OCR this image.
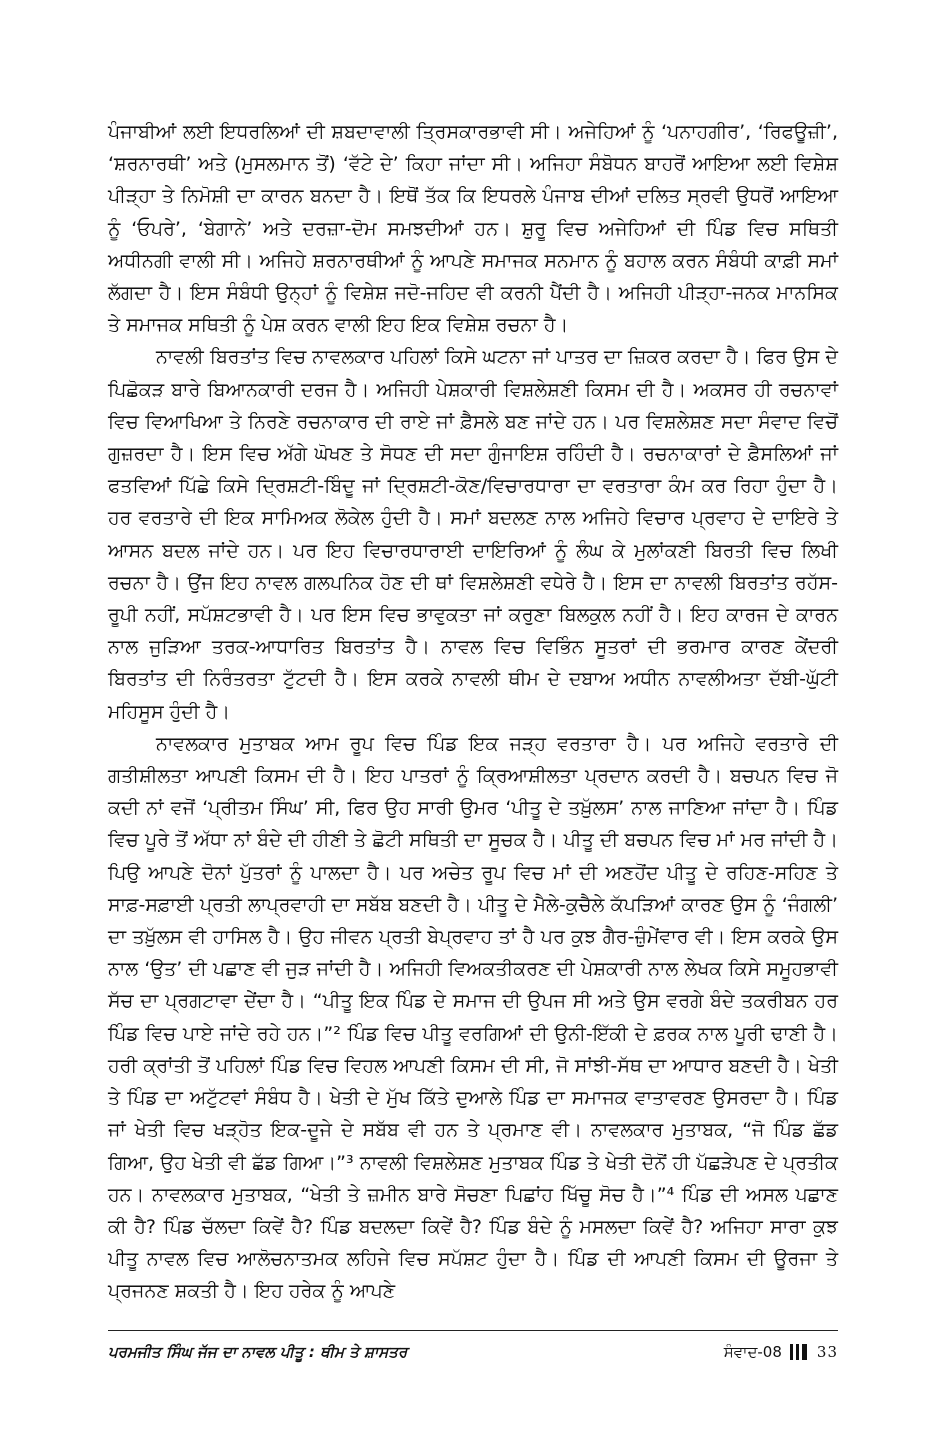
ਪੰਜਾਬੀਆਂ ਲਈ ਇਧਰਲਿਆਂ ਦੀ ਸ਼ਬਦਾਵਾਲੀ ਤ੍ਰਿਸਕਾਰਭਾਵੀ ਸੀ। ਅਜੇਹਿਆਂ ਨੂੰ ‘ਪਨਾਹਗੀਰ’, ‘ਰਿਫਊਜ਼ੀ’, ‘ਸ਼ਰਨਾਰਥੀ’ ਅਤੇ (ਮੁਸਲਮਾਨ ਤੋਂ) ‘ਵੱਟੇ ਦੇ’ ਕਿਹਾ ਜਾਂਦਾ ਸੀ। ਅਜਿਹਾ ਸੰਬੋਧਨ ਬਾਹਰੋਂ ਆਇਆ ਲਈ ਵਿਸ਼ੇਸ਼ ਪੀੜ੍ਹਾ ਤੇ ਨਿਮੋਸ਼ੀ ਦਾ ਕਾਰਨ ਬਨਦਾ ਹੈ। ਇਥੋਂ ਤੱਕ ਕਿ ਇਧਰਲੇ ਪੰਜਾਬ ਦੀਆਂ ਦਲਿਤ ਸ੍ਰਵੀ ਉਧਰੋਂ ਆਇਆ ਨੂੰ ‘ਓਪਰੇ’, ‘ਬੇਗਾਨੇ’ ਅਤੇ ਦਰਜ਼ਾ-ਦੋਮ ਸਮਝਦੀਆਂ ਹਨ। ਸ਼ੁਰੂ ਵਿਚ ਅਜੇਹਿਆਂ ਦੀ ਪਿੰਡ ਵਿਚ ਸਥਿਤੀ ਅਧੀਨਗੀ ਵਾਲੀ ਸੀ। ਅਜਿਹੇ ਸ਼ਰਨਾਰਥੀਆਂ ਨੂੰ ਆਪਣੇ ਸਮਾਜਕ ਸਨਮਾਨ ਨੂੰ ਬਹਾਲ ਕਰਨ ਸੰਬੰਧੀ ਕਾਫ਼ੀ ਸਮਾਂ ਲੱਗਦਾ ਹੈ। ਇਸ ਸੰਬੰਧੀ ਉਨ੍ਹਾਂ ਨੂੰ ਵਿਸ਼ੇਸ਼ ਜਦੋ-ਜਹਿਦ ਵੀ ਕਰਨੀ ਪੈਂਦੀ ਹੈ। ਅਜਿਹੀ ਪੀੜ੍ਹਾ-ਜਨਕ ਮਾਨਸਿਕ ਤੇ ਸਮਾਜਕ ਸਥਿਤੀ ਨੂੰ ਪੇਸ਼ ਕਰਨ ਵਾਲੀ ਇਹ ਇਕ ਵਿਸ਼ੇਸ਼ ਰਚਨਾ ਹੈ।

ਨਾਵਲੀ ਬਿਰਤਾਂਤ ਵਿਚ ਨਾਵਲਕਾਰ ਪਹਿਲਾਂ ਕਿਸੇ ਘਟਨਾ ਜਾਂ ਪਾਤਰ ਦਾ ਜ਼ਿਕਰ ਕਰਦਾ ਹੈ। ਫਿਰ ਉਸ ਦੇ ਪਿਛੋਕੜ ਬਾਰੇ ਬਿਆਨਕਾਰੀ ਦਰਜ ਹੈ। ਅਜਿਹੀ ਪੇਸ਼ਕਾਰੀ ਵਿਸ਼ਲੇਸ਼ਣੀ ਕਿਸਮ ਦੀ ਹੈ। ਅਕਸਰ ਹੀ ਰਚਨਾਵਾਂ ਵਿਚ ਵਿਆਖਿਆ ਤੇ ਨਿਰਣੇ ਰਚਨਾਕਾਰ ਦੀ ਰਾਏ ਜਾਂ ਫ਼ੈਸਲੇ ਬਣ ਜਾਂਦੇ ਹਨ। ਪਰ ਵਿਸ਼ਲੇਸ਼ਣ ਸਦਾ ਸੰਵਾਦ ਵਿਚੋਂ ਗੁਜ਼ਰਦਾ ਹੈ। ਇਸ ਵਿਚ ਅੱਗੇ ਘੋਖਣ ਤੇ ਸੋਧਣ ਦੀ ਸਦਾ ਗੁੰਜਾਇਸ਼ ਰਹਿੰਦੀ ਹੈ। ਰਚਨਾਕਾਰਾਂ ਦੇ ਫ਼ੈਸਲਿਆਂ ਜਾਂ ਫਤਵਿਆਂ ਪਿੱਛੇ ਕਿਸੇ ਦ੍ਰਿਸ਼ਟੀ-ਬਿੰਦੂ ਜਾਂ ਦ੍ਰਿਸ਼ਟੀ-ਕੋਣ/ਵਿਚਾਰਧਾਰਾ ਦਾ ਵਰਤਾਰਾ ਕੰਮ ਕਰ ਰਿਹਾ ਹੁੰਦਾ ਹੈ। ਹਰ ਵਰਤਾਰੇ ਦੀ ਇਕ ਸਾਮਿਅਕ ਲੋਕੇਲ ਹੁੰਦੀ ਹੈ। ਸਮਾਂ ਬਦਲਣ ਨਾਲ ਅਜਿਹੇ ਵਿਚਾਰ ਪ੍ਰਵਾਹ ਦੇ ਦਾਇਰੇ ਤੇ ਆਸਨ ਬਦਲ ਜਾਂਦੇ ਹਨ। ਪਰ ਇਹ ਵਿਚਾਰਧਾਰਾਈ ਦਾਇਰਿਆਂ ਨੂੰ ਲੰਘ ਕੇ ਮੁਲਾਂਕਣੀ ਬਿਰਤੀ ਵਿਚ ਲਿਖੀ ਰਚਨਾ ਹੈ। ਉਂਜ ਇਹ ਨਾਵਲ ਗਲਪਨਿਕ ਹੋਣ ਦੀ ਥਾਂ ਵਿਸ਼ਲੇਸ਼ਣੀ ਵਧੇਰੇ ਹੈ। ਇਸ ਦਾ ਨਾਵਲੀ ਬਿਰਤਾਂਤ ਰਹੱਸ-ਰੂਪੀ ਨਹੀਂ, ਸਪੱਸ਼ਟਭਾਵੀ ਹੈ। ਪਰ ਇਸ ਵਿਚ ਭਾਵੁਕਤਾ ਜਾਂ ਕਰੁਣਾ ਬਿਲਕੁਲ ਨਹੀਂ ਹੈ। ਇਹ ਕਾਰਜ ਦੇ ਕਾਰਨ ਨਾਲ ਜੁੜਿਆ ਤਰਕ-ਆਧਾਰਿਤ ਬਿਰਤਾਂਤ ਹੈ। ਨਾਵਲ ਵਿਚ ਵਿਭਿੰਨ ਸੂਤਰਾਂ ਦੀ ਭਰਮਾਰ ਕਾਰਣ ਕੇਂਦਰੀ ਬਿਰਤਾਂਤ ਦੀ ਨਿਰੰਤਰਤਾ ਟੁੱਟਦੀ ਹੈ। ਇਸ ਕਰਕੇ ਨਾਵਲੀ ਥੀਮ ਦੇ ਦਬਾਅ ਅਧੀਨ ਨਾਵਲੀਅਤਾ ਦੱਬੀ-ਘੁੱਟੀ ਮਹਿਸੂਸ ਹੁੰਦੀ ਹੈ।

ਨਾਵਲਕਾਰ ਮੁਤਾਬਕ ਆਮ ਰੂਪ ਵਿਚ ਪਿੰਡ ਇਕ ਜੜ੍ਹ ਵਰਤਾਰਾ ਹੈ। ਪਰ ਅਜਿਹੇ ਵਰਤਾਰੇ ਦੀ ਗਤੀਸ਼ੀਲਤਾ ਆਪਣੀ ਕਿਸਮ ਦੀ ਹੈ। ਇਹ ਪਾਤਰਾਂ ਨੂੰ ਕ੍ਰਿਆਸ਼ੀਲਤਾ ਪ੍ਰਦਾਨ ਕਰਦੀ ਹੈ। ਬਚਪਨ ਵਿਚ ਜੋ ਕਦੀ ਨਾਂ ਵਜੋਂ ‘ਪ੍ਰੀਤਮ ਸਿੰਘ’ ਸੀ, ਫਿਰ ਉਹ ਸਾਰੀ ਉਮਰ ‘ਪੀਤੂ ਦੇ ਤਖ਼ੁੱਲਸ’ ਨਾਲ ਜਾਣਿਆ ਜਾਂਦਾ ਹੈ। ਪਿੰਡ ਵਿਚ ਪੂਰੇ ਤੋਂ ਅੱਧਾ ਨਾਂ ਬੰਦੇ ਦੀ ਹੀਣੀ ਤੇ ਛੋਟੀ ਸਥਿਤੀ ਦਾ ਸੂਚਕ ਹੈ। ਪੀਤੂ ਦੀ ਬਚਪਨ ਵਿਚ ਮਾਂ ਮਰ ਜਾਂਦੀ ਹੈ। ਪਿਉ ਆਪਣੇ ਦੋਨਾਂ ਪੁੱਤਰਾਂ ਨੂੰ ਪਾਲਦਾ ਹੈ। ਪਰ ਅਚੇਤ ਰੂਪ ਵਿਚ ਮਾਂ ਦੀ ਅਣਹੋਂਦ ਪੀਤੂ ਦੇ ਰਹਿਣ-ਸਹਿਣ ਤੇ ਸਾਫ਼-ਸਫ਼ਾਈ ਪ੍ਰਤੀ ਲਾਪ੍ਰਵਾਹੀ ਦਾ ਸਬੱਬ ਬਣਦੀ ਹੈ। ਪੀਤੂ ਦੇ ਮੈਲੇ-ਕੁਚੈਲੇ ਕੱਪੜਿਆਂ ਕਾਰਣ ਉਸ ਨੂੰ ‘ਜੰਗਲੀ’ ਦਾ ਤਖ਼ੁੱਲਸ ਵੀ ਹਾਸਿਲ ਹੈ। ਉਹ ਜੀਵਨ ਪ੍ਰਤੀ ਬੇਪ੍ਰਵਾਹ ਤਾਂ ਹੈ ਪਰ ਕੁਝ ਗੈਰ-ਜ਼ੁੰਮੇਂਵਾਰ ਵੀ। ਇਸ ਕਰਕੇ ਉਸ ਨਾਲ ‘ਉਤ’ ਦੀ ਪਛਾਣ ਵੀ ਜੁੜ ਜਾਂਦੀ ਹੈ। ਅਜਿਹੀ ਵਿਅਕਤੀਕਰਣ ਦੀ ਪੇਸ਼ਕਾਰੀ ਨਾਲ ਲੇਖਕ ਕਿਸੇ ਸਮੂਹਭਾਵੀ ਸੱਚ ਦਾ ਪ੍ਰਗਟਾਵਾ ਦੇਂਦਾ ਹੈ। “ਪੀਤੂ ਇਕ ਪਿੰਡ ਦੇ ਸਮਾਜ ਦੀ ਉਪਜ ਸੀ ਅਤੇ ਉਸ ਵਰਗੇ ਬੰਦੇ ਤਕਰੀਬਨ ਹਰ ਪਿੰਡ ਵਿਚ ਪਾਏ ਜਾਂਦੇ ਰਹੇ ਹਨ।”² ਪਿੰਡ ਵਿਚ ਪੀਤੂ ਵਰਗਿਆਂ ਦੀ ਉਨੀ-ਇੱਕੀ ਦੇ ਫ਼ਰਕ ਨਾਲ ਪੂਰੀ ਢਾਣੀ ਹੈ। ਹਰੀ ਕ੍ਰਾਂਤੀ ਤੋਂ ਪਹਿਲਾਂ ਪਿੰਡ ਵਿਚ ਵਿਹਲ ਆਪਣੀ ਕਿਸਮ ਦੀ ਸੀ, ਜੋ ਸਾਂਝੀ-ਸੱਥ ਦਾ ਆਧਾਰ ਬਣਦੀ ਹੈ। ਖੇਤੀ ਤੇ ਪਿੰਡ ਦਾ ਅਟੁੱਟਵਾਂ ਸੰਬੰਧ ਹੈ। ਖੇਤੀ ਦੇ ਮੁੱਖ ਕਿੱਤੇ ਦੁਆਲੇ ਪਿੰਡ ਦਾ ਸਮਾਜਕ ਵਾਤਾਵਰਣ ਉਸਰਦਾ ਹੈ। ਪਿੰਡ ਜਾਂ ਖੇਤੀ ਵਿਚ ਖੜ੍ਹੋਤ ਇਕ-ਦੂਜੇ ਦੇ ਸਬੱਬ ਵੀ ਹਨ ਤੇ ਪ੍ਰਮਾਣ ਵੀ। ਨਾਵਲਕਾਰ ਮੁਤਾਬਕ, “ਜੋ ਪਿੰਡ ਛੱਡ ਗਿਆ, ਉਹ ਖੇਤੀ ਵੀ ਛੱਡ ਗਿਆ।”³ ਨਾਵਲੀ ਵਿਸ਼ਲੇਸ਼ਣ ਮੁਤਾਬਕ ਪਿੰਡ ਤੇ ਖੇਤੀ ਦੋਨੋਂ ਹੀ ਪੱਛੜੇਪਣ ਦੇ ਪ੍ਰਤੀਕ ਹਨ। ਨਾਵਲਕਾਰ ਮੁਤਾਬਕ, “ਖੇਤੀ ਤੇ ਜ਼ਮੀਨ ਬਾਰੇ ਸੋਚਣਾ ਪਿਛਾਂਹ ਖਿੱਚੂ ਸੋਚ ਹੈ।”⁴ ਪਿੰਡ ਦੀ ਅਸਲ ਪਛਾਣ ਕੀ ਹੈ? ਪਿੰਡ ਚੱਲਦਾ ਕਿਵੇਂ ਹੈ? ਪਿੰਡ ਬਦਲਦਾ ਕਿਵੇਂ ਹੈ? ਪਿੰਡ ਬੰਦੇ ਨੂੰ ਮਸਲਦਾ ਕਿਵੇਂ ਹੈ? ਅਜਿਹਾ ਸਾਰਾ ਕੁਝ ਪੀਤੂ ਨਾਵਲ ਵਿਚ ਆਲੋਚਨਾਤਮਕ ਲਹਿਜੇ ਵਿਚ ਸਪੱਸ਼ਟ ਹੁੰਦਾ ਹੈ। ਪਿੰਡ ਦੀ ਆਪਣੀ ਕਿਸਮ ਦੀ ਊਰਜਾ ਤੇ ਪ੍ਰਜਨਣ ਸ਼ਕਤੀ ਹੈ। ਇਹ ਹਰੇਕ ਨੂੰ ਆਪਣੇ

ਪਰਮਜੀਤ ਸਿੰਘ ਜੱਜ ਦਾ ਨਾਵਲ ਪੀਤੂ : ਥੀਮ ਤੇ ਸ਼ਾਸਤਰ	ਸੰਵਾਦ-08 33
